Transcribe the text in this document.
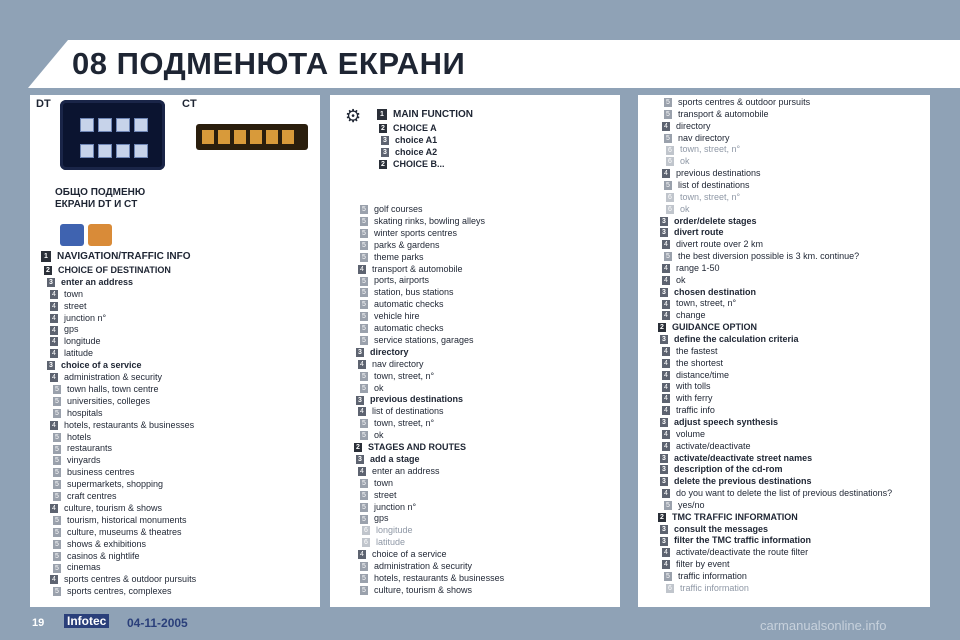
08 ПОДМЕНЮТА ЕКРАНИ
DT	CT
ОБЩО ПОДМЕНЮ
ЕКРАНИ DT И CT
⚙	1 MAIN FUNCTION
2 CHOICE A
3 choice A1
3 choice A2
2 CHOICE B...
1 NAVIGATION/TRAFFIC INFO
2 CHOICE OF DESTINATION
3 enter an address
4 town
4 street
4 junction n°
4 gps
4 longitude
4 latitude
3 choice of a service
4 administration & security
5 town halls, town centre
5 universities, colleges
5 hospitals
4 hotels, restaurants & businesses
5 hotels
5 restaurants
5 vinyards
5 business centres
5 supermarkets, shopping
5 craft centres
4 culture, tourism & shows
5 tourism, historical monuments
5 culture, museums & theatres
5 shows & exhibitions
5 casinos & nightlife
5 cinemas
4 sports centres & outdoor pursuits
5 sports centres, complexes
5 golf courses
5 skating rinks, bowling alleys
5 winter sports centres
5 parks & gardens
5 theme parks
4 transport & automobile
5 ports, airports
5 station, bus stations
5 automatic checks
5 vehicle hire
5 automatic checks
5 service stations, garages
3 directory
4 nav directory
5 town, street, n°
5 ok
3 previous destinations
4 list of destinations
5 town, street, n°
5 ok
2 STAGES AND ROUTES
3 add a stage
4 enter an address
5 town
5 street
5 junction n°
5 gps
6 longitude
6 latitude
4 choice of a service
5 administration & security
5 hotels, restaurants & businesses
5 culture, tourism & shows
5 sports centres & outdoor pursuits
5 transport & automobile
4 directory
5 nav directory
6 town, street, n°
6 ok
4 previous destinations
5 list of destinations
6 town, street, n°
6 ok
3 order/delete stages
3 divert route
4 divert route over 2 km
5 the best diversion possible is 3 km. continue?
4 range 1-50
4 ok
3 chosen destination
4 town, street, n°
4 change
2 GUIDANCE OPTION
3 define the calculation criteria
4 the fastest
4 the shortest
4 distance/time
4 with tolls
4 with ferry
4 traffic info
3 adjust speech synthesis
4 volume
4 activate/deactivate
3 activate/deactivate street names
3 description of the cd-rom
3 delete the previous destinations
4 do you want to delete the list of previous destinations?
5 yes/no
2 TMC TRAFFIC INFORMATION
3 consult the messages
3 filter the TMC traffic information
4 activate/deactivate the route filter
4 filter by event
5 traffic information
6 traffic information
19 Infotec 04-11-2005	carmanualsonline.info
